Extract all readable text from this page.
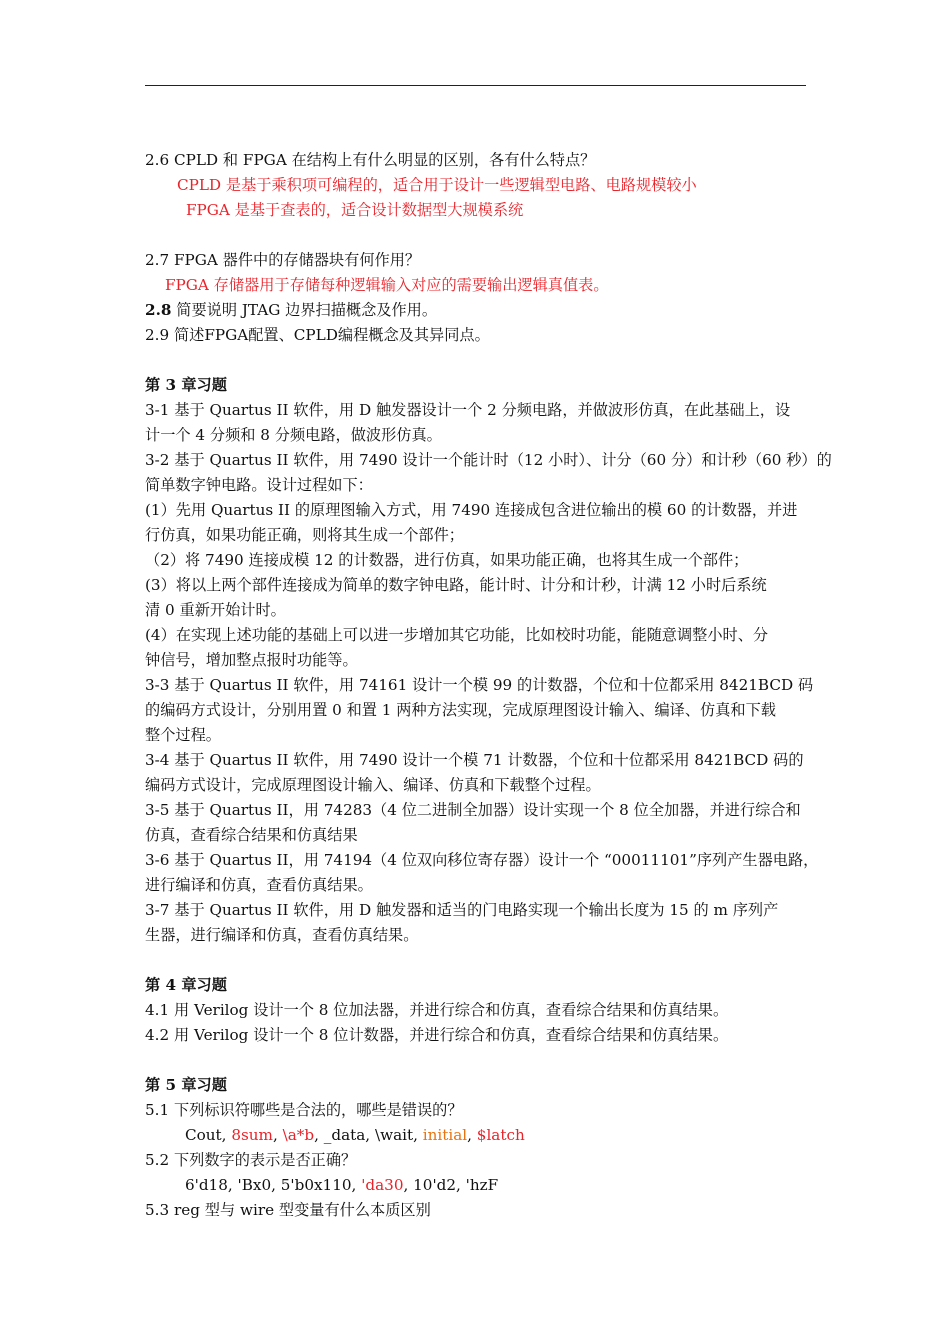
2.6 CPLD 和 FPGA 在结构上有什么明显的区别，各有什么特点？
CPLD 是基于乘积项可编程的，适合用于设计一些逻辑型电路、电路规模较小
FPGA 是基于查表的，适合设计数据型大规模系统
2.7 FPGA 器件中的存储器块有何作用？
FPGA 存储器用于存储每种逻辑输入对应的需要输出逻辑真值表。
2.8 简要说明 JTAG 边界扫描概念及作用。
2.9 简述FPGA配置、CPLD编程概念及其异同点。
第 3 章习题
3-1 基于 Quartus II 软件，用 D 触发器设计一个 2 分频电路，并做波形仿真，在此基础上，设
计一个 4 分频和 8 分频电路，做波形仿真。
3-2 基于 Quartus II 软件，用 7490 设计一个能计时（12 小时）、计分（60 分）和计秒（60 秒）的
简单数字钟电路。设计过程如下：
(1）先用 Quartus II 的原理图输入方式，用 7490 连接成包含进位输出的模 60 的计数器，并进
行仿真，如果功能正确，则将其生成一个部件；
（2）将 7490 连接成模 12 的计数器，进行仿真，如果功能正确，也将其生成一个部件；
(3）将以上两个部件连接成为简单的数字钟电路，能计时、计分和计秒，计满 12 小时后系统
清 0 重新开始计时。
(4）在实现上述功能的基础上可以进一步增加其它功能，比如校时功能，能随意调整小时、分
钟信号，增加整点报时功能等。
3-3 基于 Quartus II 软件，用 74161 设计一个模 99 的计数器，个位和十位都采用 8421BCD 码
的编码方式设计，分别用置 0 和置 1 两种方法实现，完成原理图设计输入、编译、仿真和下载
整个过程。
3-4 基于 Quartus II 软件，用 7490 设计一个模 71 计数器，个位和十位都采用 8421BCD 码的
编码方式设计，完成原理图设计输入、编译、仿真和下载整个过程。
3-5 基于 Quartus II，用 74283（4 位二进制全加器）设计实现一个 8 位全加器，并进行综合和
仿真，查看综合结果和仿真结果
3-6 基于 Quartus II，用 74194（4 位双向移位寄存器）设计一个 “00011101”序列产生器电路，
进行编译和仿真，查看仿真结果。
3-7 基于 Quartus II 软件，用 D 触发器和适当的门电路实现一个输出长度为 15 的 m 序列产
生器，进行编译和仿真，查看仿真结果。
第 4 章习题
4.1 用 Verilog 设计一个 8 位加法器，并进行综合和仿真，查看综合结果和仿真结果。
4.2 用 Verilog 设计一个 8 位计数器，并进行综合和仿真，查看综合结果和仿真结果。
第 5 章习题
5.1 下列标识符哪些是合法的，哪些是错误的？
Cout, 8sum, \a*b, _data, \wait, initial, $latch
5.2 下列数字的表示是否正确？
6'd18, 'Bx0, 5'b0x110, 'da30, 10'd2, 'hzF
5.3 reg 型与 wire 型变量有什么本质区别
